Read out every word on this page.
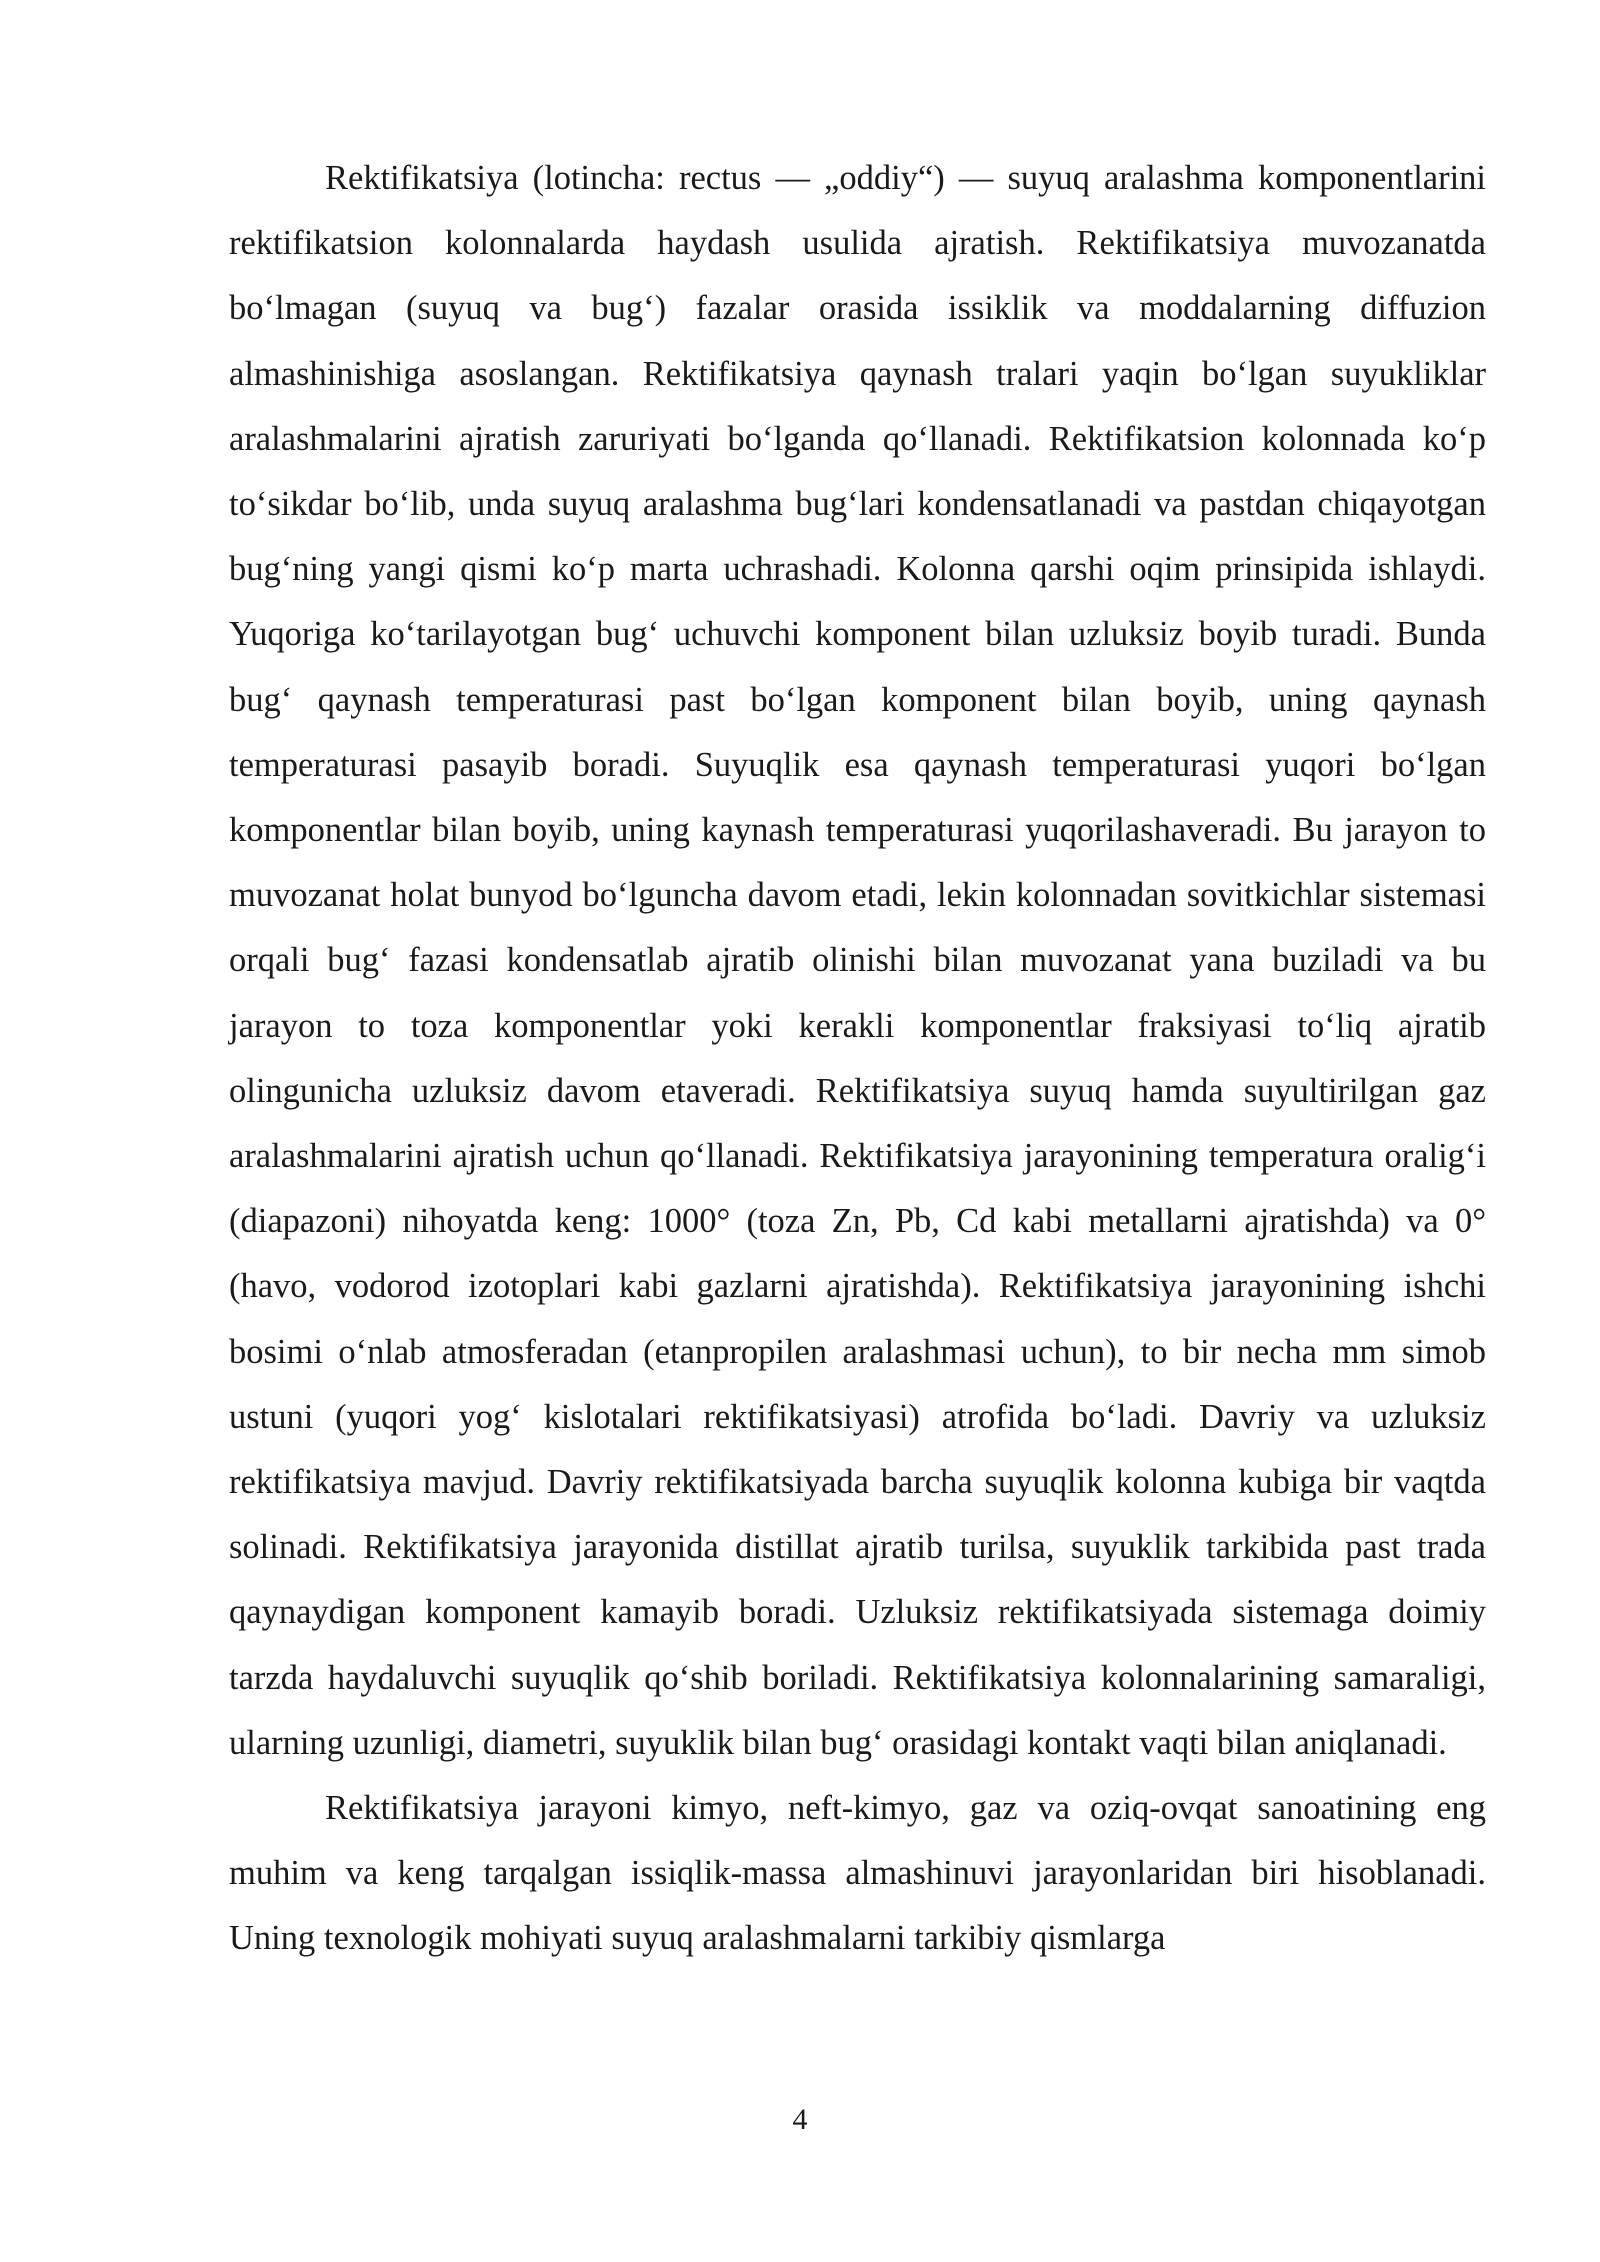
Rektifikatsiya (lotincha: rectus — „oddiy“) — suyuq aralashma komponentlarini rektifikatsion kolonnalarda haydash usulida ajratish. Rektifikatsiya muvozanatda bo‘lmagan (suyuq va bug‘) fazalar orasida issiklik va moddalarning diffuzion almashinishiga asoslangan. Rektifikatsiya qaynash tralari yaqin bo‘lgan suyukliklar aralashmalarini ajratish zaruriyati bo‘lganda qo‘llanadi. Rektifikatsion kolonnada ko‘p to‘sikdar bo‘lib, unda suyuq aralashma bug‘lari kondensatlanadi va pastdan chiqayotgan bug‘ning yangi qismi ko‘p marta uchrashadi. Kolonna qarshi oqim prinsipida ishlaydi. Yuqoriga ko‘tarilayotgan bug‘ uchuvchi komponent bilan uzluksiz boyib turadi. Bunda bug‘ qaynash temperaturasi past bo‘lgan komponent bilan boyib, uning qaynash temperaturasi pasayib boradi. Suyuqlik esa qaynash temperaturasi yuqori bo‘lgan komponentlar bilan boyib, uning kaynash temperaturasi yuqorilashaveradi. Bu jarayon to muvozanat holat bunyod bo‘lguncha davom etadi, lekin kolonnadan sovitkichlar sistemasi orqali bug‘ fazasi kondensatlab ajratib olinishi bilan muvozanat yana buziladi va bu jarayon to toza komponentlar yoki kerakli komponentlar fraksiyasi to‘liq ajratib olingunicha uzluksiz davom etaveradi. Rektifikatsiya suyuq hamda suyultirilgan gaz aralashmalarini ajratish uchun qo‘llanadi. Rektifikatsiya jarayonining temperatura oralig‘i (diapazoni) nihoyatda keng: 1000° (toza Zn, Pb, Cd kabi metallarni ajratishda) va 0° (havo, vodorod izotoplari kabi gazlarni ajratishda). Rektifikatsiya jarayonining ishchi bosimi o‘nlab atmosferadan (etanpropilen aralashmasi uchun), to bir necha mm simob ustuni (yuqori yog‘ kislotalari rektifikatsiyasi) atrofida bo‘ladi. Davriy va uzluksiz rektifikatsiya mavjud. Davriy rektifikatsiyada barcha suyuqlik kolonna kubiga bir vaqtda solinadi. Rektifikatsiya jarayonida distillat ajratib turilsa, suyuklik tarkibida past trada qaynaydigan komponent kamayib boradi. Uzluksiz rektifikatsiyada sistemaga doimiy tarzda haydaluvchi suyuqlik qo‘shib boriladi. Rektifikatsiya kolonnalarining samaraligi, ularning uzunligi, diametri, suyuklik bilan bug‘ orasidagi kontakt vaqti bilan aniqlanadi.

Rektifikatsiya jarayoni kimyo, neft-kimyo, gaz va oziq-ovqat sanoatining eng muhim va keng tarqalgan issiqlik-massa almashinuvi jarayonlaridan biri hisoblanadi. Uning texnologik mohiyati suyuq aralashmalarni tarkibiy qismlarga

4
